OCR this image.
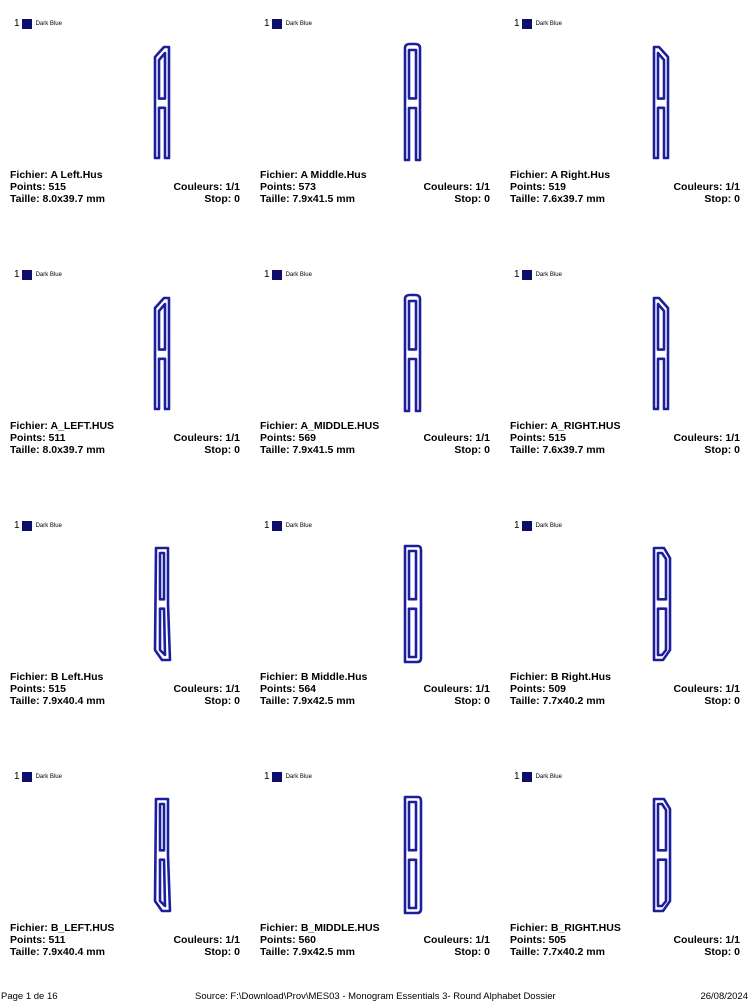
1	Dark Blue
Fichier: A Left.Hus
Points: 515	Couleurs: 1/1
Taille: 8.0x39.7 mm	Stop: 0
1	Dark Blue
Fichier: A Middle.Hus
Points: 573	Couleurs: 1/1
Taille: 7.9x41.5 mm	Stop: 0
1	Dark Blue
Fichier: A Right.Hus
Points: 519	Couleurs: 1/1
Taille: 7.6x39.7 mm	Stop: 0
1	Dark Blue
Fichier: A_LEFT.HUS
Points: 511	Couleurs: 1/1
Taille: 8.0x39.7 mm	Stop: 0
1	Dark Blue
Fichier: A_MIDDLE.HUS
Points: 569	Couleurs: 1/1
Taille: 7.9x41.5 mm	Stop: 0
1	Dark Blue
Fichier: A_RIGHT.HUS
Points: 515	Couleurs: 1/1
Taille: 7.6x39.7 mm	Stop: 0
1	Dark Blue
Fichier: B Left.Hus
Points: 515	Couleurs: 1/1
Taille: 7.9x40.4 mm	Stop: 0
1	Dark Blue
Fichier: B Middle.Hus
Points: 564	Couleurs: 1/1
Taille: 7.9x42.5 mm	Stop: 0
1	Dark Blue
Fichier: B Right.Hus
Points: 509	Couleurs: 1/1
Taille: 7.7x40.2 mm	Stop: 0
1	Dark Blue
Fichier: B_LEFT.HUS
Points: 511	Couleurs: 1/1
Taille: 7.9x40.4 mm	Stop: 0
1	Dark Blue
Fichier: B_MIDDLE.HUS
Points: 560	Couleurs: 1/1
Taille: 7.9x42.5 mm	Stop: 0
1	Dark Blue
Fichier: B_RIGHT.HUS
Points: 505	Couleurs: 1/1
Taille: 7.7x40.2 mm	Stop: 0
Page 1 de 16	Source: F:\Download\Prov\MES03 - Monogram Essentials 3- Round Alphabet Dossier	26/08/2024
